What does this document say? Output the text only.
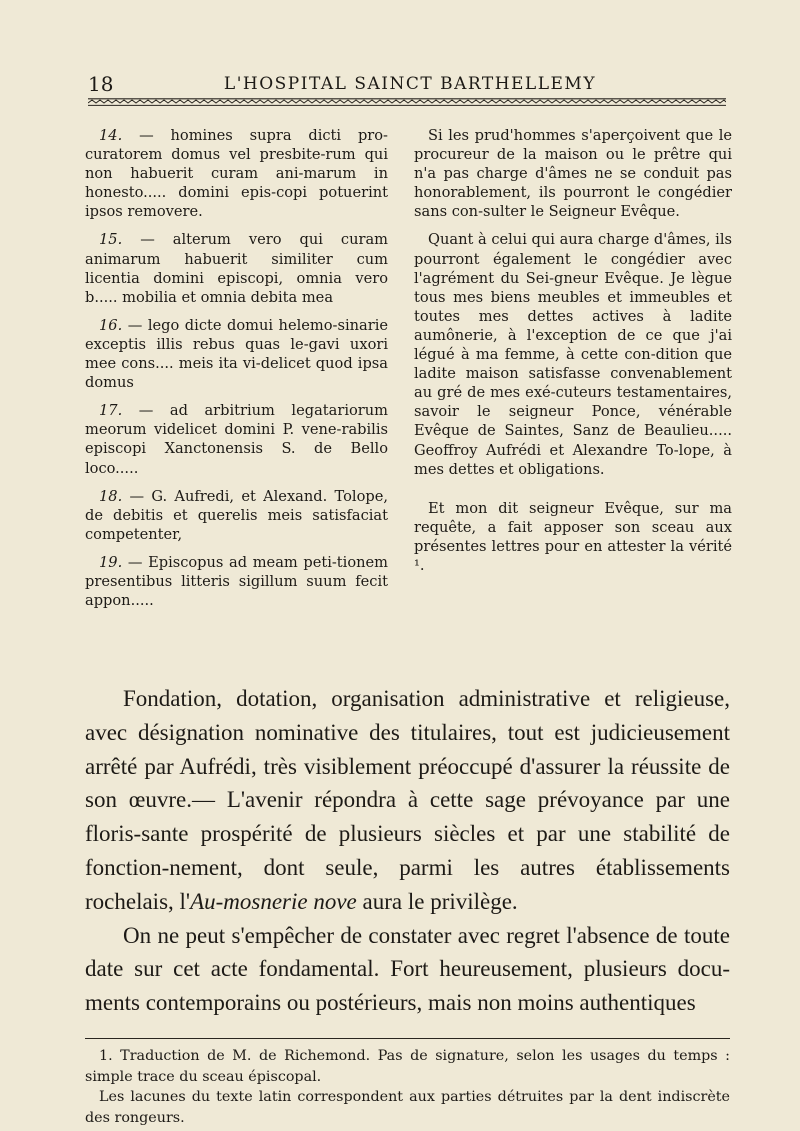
18	L'HOSPITAL SAINCT BARTHELLEMY

14. — homines supra dicti pro-curatorem domus vel presbite-rum qui non habuerit curam ani-marum in honesto..... domini epis-copi potuerint ipsos removere.

15. — alterum vero qui curam animarum habuerit similiter cum licentia domini episcopi, omnia vero b..... mobilia et omnia debita mea

16. — lego dicte domui helemo-sinarie exceptis illis rebus quas le-gavi uxori mee cons.... meis ita vi-delicet quod ipsa domus

17. — ad arbitrium legatariorum meorum videlicet domini P. vene-rabilis episcopi Xanctonensis S. de Bello loco.....

18. — G. Aufredi, et Alexand. Tolope, de debitis et querelis meis satisfaciat competenter,

19. — Episcopus ad meam peti-tionem presentibus litteris sigillum suum fecit appon.....

Si les prud'hommes s'aperçoivent que le procureur de la maison ou le prêtre qui n'a pas charge d'âmes ne se conduit pas honorablement, ils pourront le congédier sans con-sulter le Seigneur Evêque.

Quant à celui qui aura charge d'âmes, ils pourront également le congédier avec l'agrément du Sei-gneur Evêque. Je lègue tous mes biens meubles et immeubles et toutes mes dettes actives à ladite aumônerie, à l'exception de ce que j'ai légué à ma femme, à cette con-dition que ladite maison satisfasse convenablement au gré de mes exé-cuteurs testamentaires, savoir le seigneur Ponce, vénérable Evêque de Saintes, Sanz de Beaulieu..... Geoffroy Aufrédi et Alexandre To-lope, à mes dettes et obligations.

Et mon dit seigneur Evêque, sur ma requête, a fait apposer son sceau aux présentes lettres pour en attester la vérité ¹.

Fondation, dotation, organisation administrative et religieuse, avec désignation nominative des titulaires, tout est judicieusement arrêté par Aufrédi, très visiblement préoccupé d'assurer la réussite de son œuvre.— L'avenir répondra à cette sage prévoyance par une floris-sante prospérité de plusieurs siècles et par une stabilité de fonction-nement, dont seule, parmi les autres établissements rochelais, l'Au-mosnerie nove aura le privilège.

On ne peut s'empêcher de constater avec regret l'absence de toute date sur cet acte fondamental. Fort heureusement, plusieurs docu-ments contemporains ou postérieurs, mais non moins authentiques

1. Traduction de M. de Richemond. Pas de signature, selon les usages du temps : simple trace du sceau épiscopal.

Les lacunes du texte latin correspondent aux parties détruites par la dent indiscrète des rongeurs.
